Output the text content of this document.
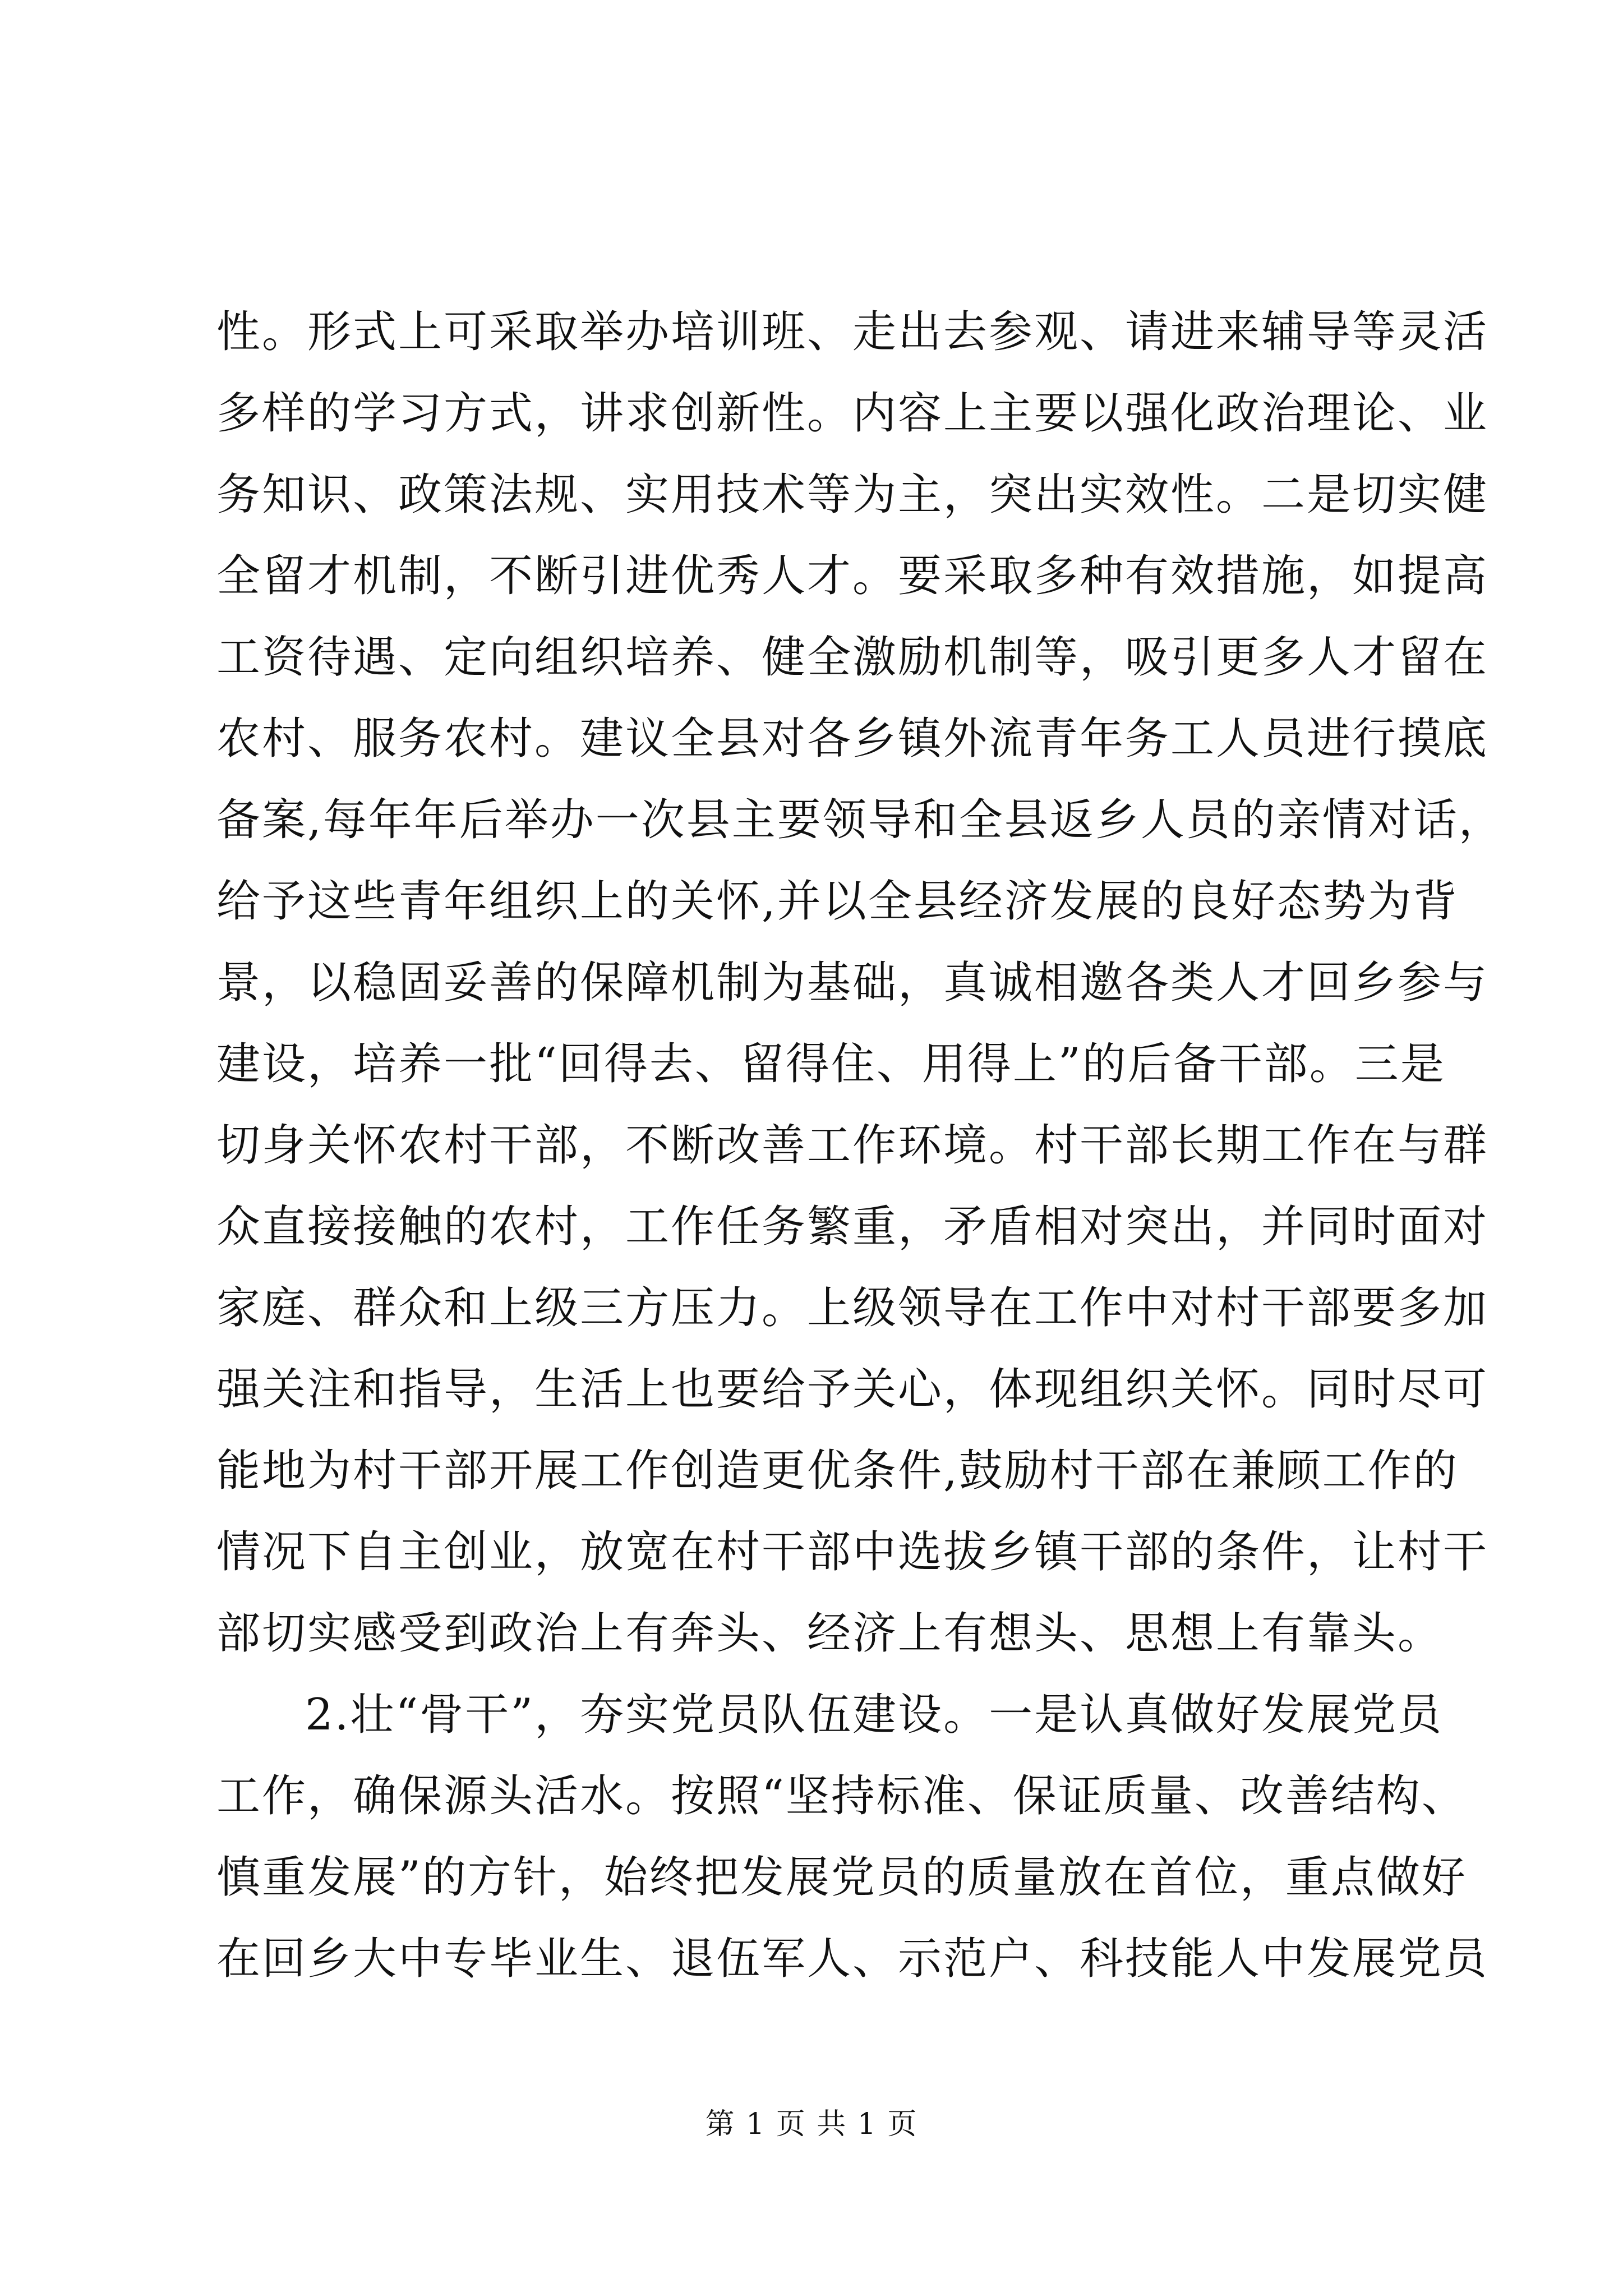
性。形式上可采取举办培训班、走出去参观、请进来辅导等灵活
多样的学习方式，讲求创新性。内容上主要以强化政治理论、业
务知识、政策法规、实用技术等为主，突出实效性。二是切实健
全留才机制，不断引进优秀人才。要采取多种有效措施，如提高
工资待遇、定向组织培养、健全激励机制等，吸引更多人才留在
农村、服务农村。建议全县对各乡镇外流青年务工人员进行摸底
备案,每年年后举办一次县主要领导和全县返乡人员的亲情对话，
给予这些青年组织上的关怀,并以全县经济发展的良好态势为背
景，以稳固妥善的保障机制为基础，真诚相邀各类人才回乡参与
建设，培养一批“回得去、留得住、用得上”的后备干部。三是
切身关怀农村干部，不断改善工作环境。村干部长期工作在与群
众直接接触的农村，工作任务繁重，矛盾相对突出，并同时面对
家庭、群众和上级三方压力。上级领导在工作中对村干部要多加
强关注和指导，生活上也要给予关心，体现组织关怀。同时尽可
能地为村干部开展工作创造更优条件,鼓励村干部在兼顾工作的
情况下自主创业，放宽在村干部中选拔乡镇干部的条件，让村干
部切实感受到政治上有奔头、经济上有想头、思想上有靠头。
2.壮“骨干”，夯实党员队伍建设。一是认真做好发展党员
工作，确保源头活水。按照“坚持标准、保证质量、改善结构、
慎重发展”的方针，始终把发展党员的质量放在首位，重点做好
在回乡大中专毕业生、退伍军人、示范户、科技能人中发展党员
第 1 页 共 1 页
